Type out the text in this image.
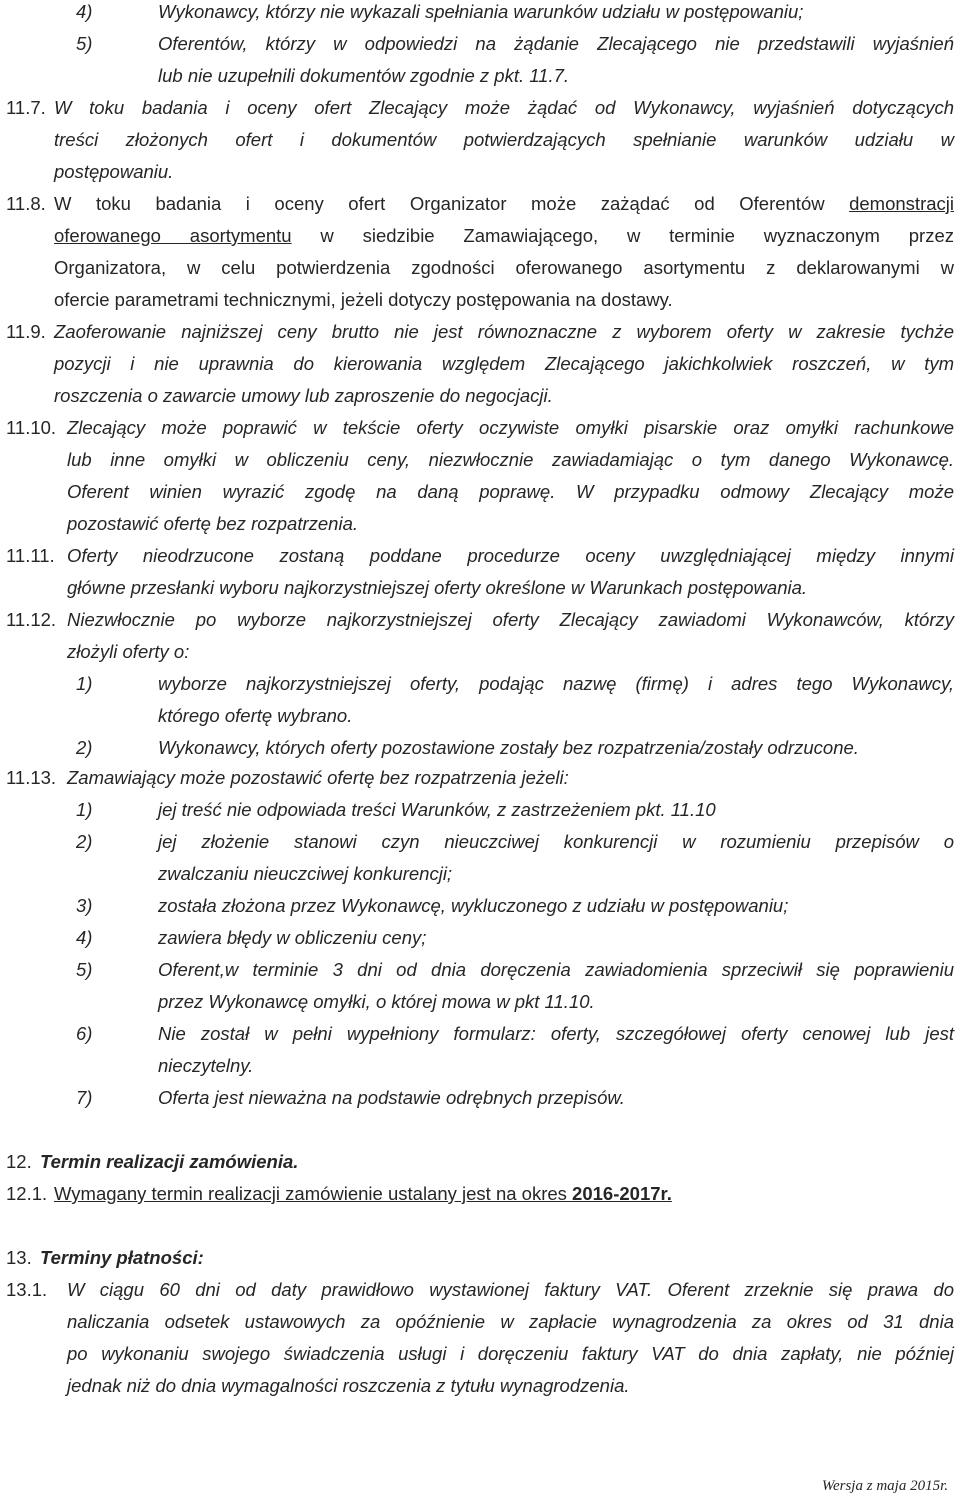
4)	Wykonawcy, którzy nie wykazali spełniania warunków udziału w postępowaniu;
5)	Oferentów, którzy w odpowiedzi na żądanie Zlecającego nie przedstawili wyjaśnień
lub nie uzupełnili dokumentów zgodnie z pkt. 11.7.
11.7. W toku badania i oceny ofert Zlecający może żądać od Wykonawcy, wyjaśnień dotyczących
treści złożonych ofert i dokumentów potwierdzających spełnianie warunków udziału w
postępowaniu.
11.8. W toku badania i oceny ofert Organizator może zażądać od Oferentów demonstracji
oferowanego asortymentu w siedzibie Zamawiającego, w terminie wyznaczonym przez
Organizatora, w celu potwierdzenia zgodności oferowanego asortymentu z deklarowanymi w
ofercie parametrami technicznymi, jeżeli dotyczy postępowania na dostawy.
11.9. Zaoferowanie najniższej ceny brutto nie jest równoznaczne z wyborem oferty w zakresie tychże
pozycji i nie uprawnia do kierowania względem Zlecającego jakichkolwiek roszczeń, w tym
roszczenia o zawarcie umowy lub zaproszenie do negocjacji.
11.10. Zlecający może poprawić w tekście oferty oczywiste omyłki pisarskie oraz omyłki rachunkowe
lub inne omyłki w obliczeniu ceny, niezwłocznie zawiadamiając o tym danego Wykonawcę.
Oferent winien wyrazić zgodę na daną poprawę. W przypadku odmowy Zlecający może
pozostawić ofertę bez rozpatrzenia.
11.11. Oferty nieodrzucone zostaną poddane procedurze oceny uwzględniającej między innymi
główne przesłanki wyboru najkorzystniejszej oferty określone w Warunkach postępowania.
11.12. Niezwłocznie po wyborze najkorzystniejszej oferty Zlecający zawiadomi Wykonawców, którzy
złożyli oferty o:
1)	wyborze najkorzystniejszej oferty, podając nazwę (firmę) i adres tego Wykonawcy,
którego ofertę wybrano.
2)	Wykonawcy, których oferty pozostawione zostały bez rozpatrzenia/zostały odrzucone.
11.13. Zamawiający może pozostawić ofertę bez rozpatrzenia jeżeli:
1)	jej treść nie odpowiada treści Warunków, z zastrzeżeniem pkt. 11.10
2)	jej złożenie stanowi czyn nieuczciwej konkurencji w rozumieniu przepisów o
zwalczaniu nieuczciwej konkurencji;
3)	została złożona przez Wykonawcę, wykluczonego z udziału w postępowaniu;
4)	zawiera błędy w obliczeniu ceny;
5)	Oferent,w terminie 3 dni od dnia doręczenia zawiadomienia sprzeciwił się poprawieniu
przez Wykonawcę omyłki, o której mowa w pkt 11.10.
6)	Nie został w pełni wypełniony formularz: oferty, szczegółowej oferty cenowej lub jest
nieczytelny.
7)	Oferta jest nieważna na podstawie odrębnych przepisów.
12. Termin realizacji zamówienia.
12.1. Wymagany termin realizacji zamówienie ustalany jest na okres 2016-2017r.
13. Terminy płatności:
13.1. W ciągu 60 dni od daty prawidłowo wystawionej faktury VAT. Oferent zrzeknie się prawa do
naliczania odsetek ustawowych za opóźnienie w zapłacie wynagrodzenia za okres od 31 dnia
po wykonaniu swojego świadczenia usługi i doręczeniu faktury VAT do dnia zapłaty, nie później
jednak niż do dnia wymagalności roszczenia z tytułu wynagrodzenia.
Wersja z maja 2015r.
